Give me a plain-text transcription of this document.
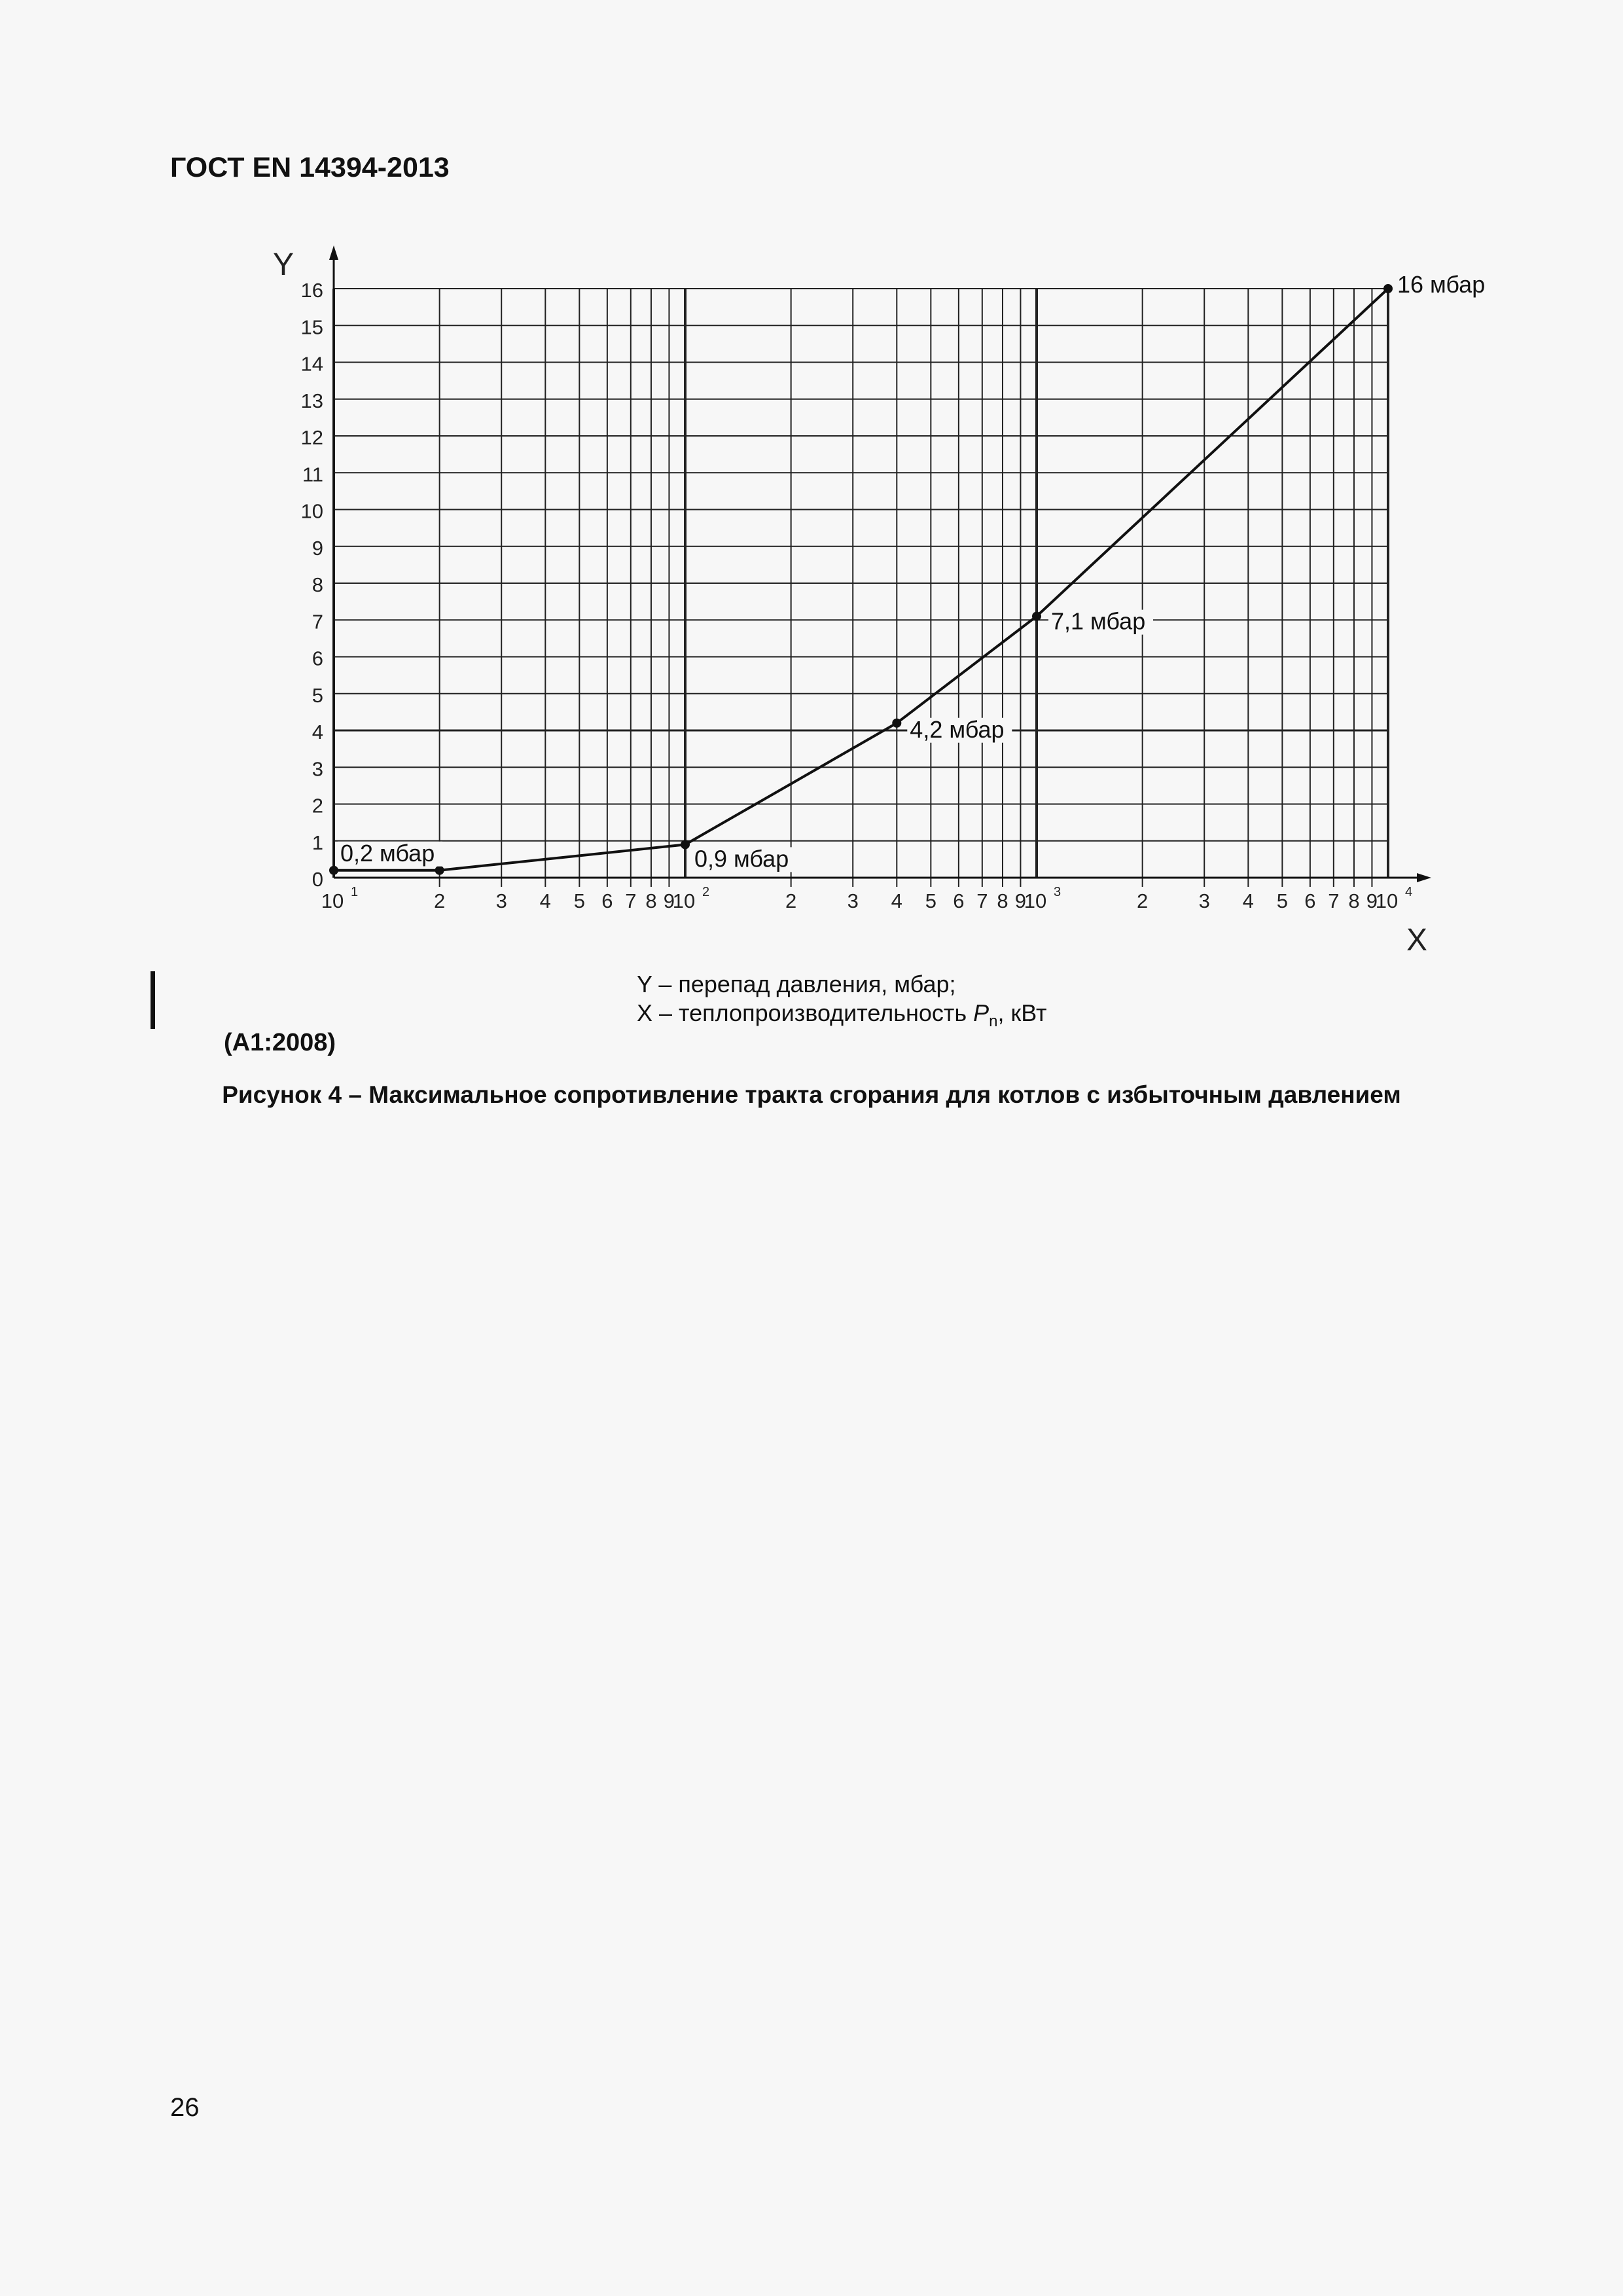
ГОСТ EN 14394-2013
0
1
2
3
4
5
6
7
8
9
10
11
12
13
14
15
16
2 3 4 5 6 7 8 9	2 3 4 5 6 7 8 9	2 3 4 5 6 7 8 9
10 1	10 2	10 3	10 4
Y
X
0,2 мбар	0,9 мбар
4,2 мбар
7,1 мбар
16 мбар
Y – перепад давления, мбар;
X – теплопроизводительность $P_n$, кВт
(А1:2008)
Рисунок 4 – Максимальное сопротивление тракта сгорания для котлов с избыточным давлением
26
